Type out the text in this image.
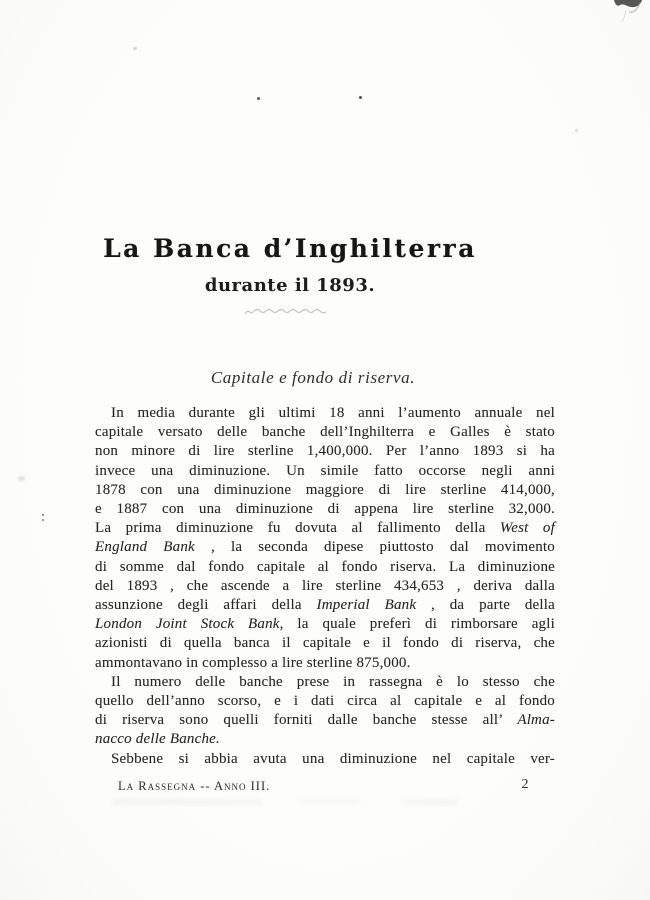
La Banca d’Inghilterra
durante il 1893.
Capitale e fondo di riserva.
In media durante gli ultimi 18 anni l’aumento annuale nel
capitale versato delle banche dell’Inghilterra e Galles è stato
non minore di lire sterline 1,400,000. Per l’anno 1893 si ha
invece una diminuzione. Un simile fatto occorse negli anni
1878 con una diminuzione maggiore di lire sterline 414,000,
e 1887 con una diminuzione di appena lire sterline 32,000.
La prima diminuzione fu dovuta al fallimento della West of
England Bank , la seconda dipese piuttosto dal movimento
di somme dal fondo capitale al fondo riserva. La diminuzione
del 1893 , che ascende a lire sterline 434,653 , deriva dalla
assunzione degli affari della Imperial Bank , da parte della
London Joint Stock Bank, la quale preferì di rimborsare agli
azionisti di quella banca il capitale e il fondo di riserva, che
ammontavano in complesso a lire sterline 875,000.
Il numero delle banche prese in rassegna è lo stesso che
quello dell’anno scorso, e i dati circa al capitale e al fondo
di riserva sono quelli forniti dalle banche stesse all’ Alma-
nacco delle Banche.
Sebbene si abbia avuta una diminuzione nel capitale ver-
La Rassegna -- Anno III.	2
